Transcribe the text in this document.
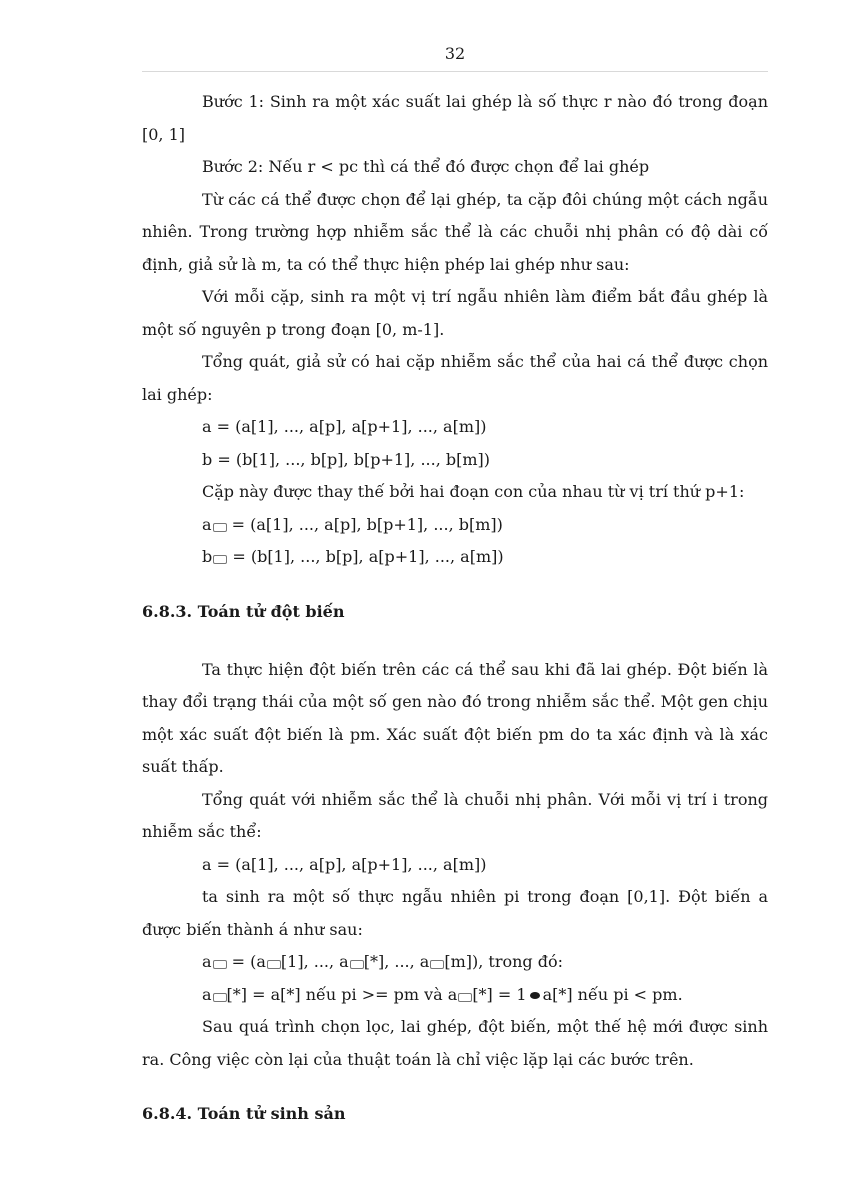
32

Bước 1: Sinh ra một xác suất lai ghép là số thực r nào đó trong đoạn [0, 1]

Bước 2: Nếu r < pc thì cá thể đó được chọn để lai ghép

Từ các cá thể được chọn để lại ghép, ta cặp đôi chúng một cách ngẫu nhiên. Trong trường hợp nhiễm sắc thể là các chuỗi nhị phân có độ dài cố định, giả sử là m, ta có thể thực hiện phép lai ghép như sau:

Với mỗi cặp, sinh ra một vị trí ngẫu nhiên làm điểm bắt đầu ghép là một số nguyên p trong đoạn [0, m-1].

Tổng quát, giả sử có hai cặp nhiễm sắc thể của hai cá thể được chọn lai ghép:

a = (a[1], ..., a[p], a[p+1], ..., a[m])

b = (b[1], ..., b[p], b[p+1], ..., b[m])

Cặp này được thay thế bởi hai đoạn con của nhau từ vị trí thứ p+1:

a = (a[1], ..., a[p], b[p+1], ..., b[m])

b = (b[1], ..., b[p], a[p+1], ..., a[m])

6.8.3. Toán tử đột biến

Ta thực hiện đột biến trên các cá thể sau khi đã lai ghép. Đột biến là thay đổi trạng thái của một số gen nào đó trong nhiễm sắc thể. Một gen chịu một xác suất đột biến là pm. Xác suất đột biến pm do ta xác định và là xác suất thấp.

Tổng quát với nhiễm sắc thể là chuỗi nhị phân. Với mỗi vị trí i trong nhiễm sắc thể:

a = (a[1], ..., a[p], a[p+1], ..., a[m])

ta sinh ra một số thực ngẫu nhiên pi trong đoạn [0,1]. Đột biến a được biến thành á như sau:

a = (a [1], ..., a [*], ..., a [m]), trong đó:

a [*] = a[*] nếu pi >= pm và a [*] = 1 a[*] nếu pi < pm.

Sau quá trình chọn lọc, lai ghép, đột biến, một thế hệ mới được sinh ra. Công việc còn lại của thuật toán là chỉ việc lặp lại các bước trên.

6.8.4. Toán tử sinh sản
